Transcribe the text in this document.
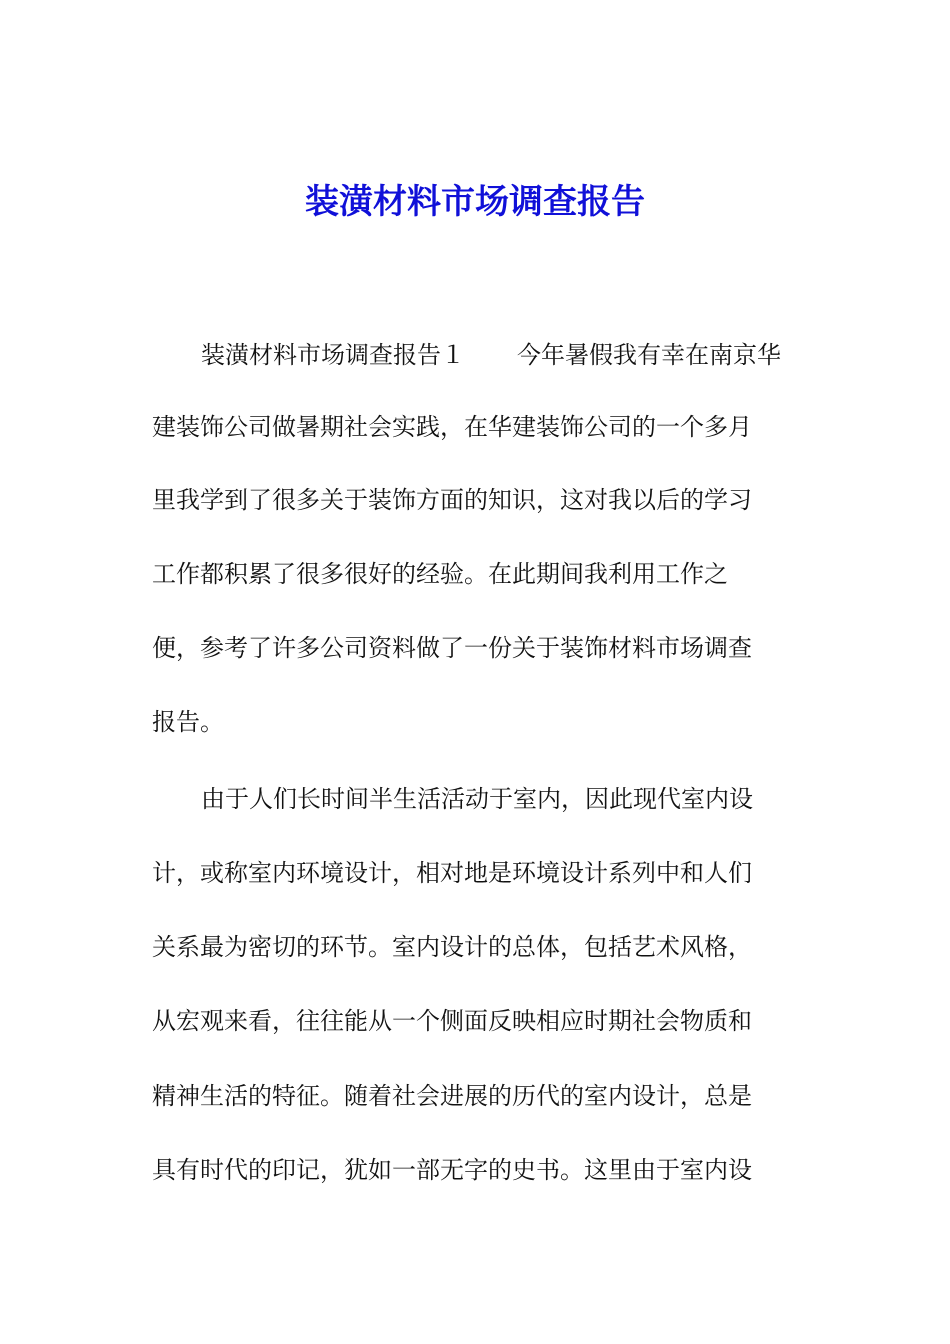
装潢材料市场调查报告
装潢材料市场调查报告１ 今年暑假我有幸在南京华
建装饰公司做暑期社会实践，在华建装饰公司的一个多月
里我学到了很多关于装饰方面的知识，这对我以后的学习
工作都积累了很多很好的经验。在此期间我利用工作之
便，参考了许多公司资料做了一份关于装饰材料市场调查
报告。
由于人们长时间半生活活动于室内，因此现代室内设
计，或称室内环境设计，相对地是环境设计系列中和人们
关系最为密切的环节。室内设计的总体，包括艺术风格，
从宏观来看，往往能从一个侧面反映相应时期社会物质和
精神生活的特征。随着社会进展的历代的室内设计，总是
具有时代的印记，犹如一部无字的史书。这里由于室内设
